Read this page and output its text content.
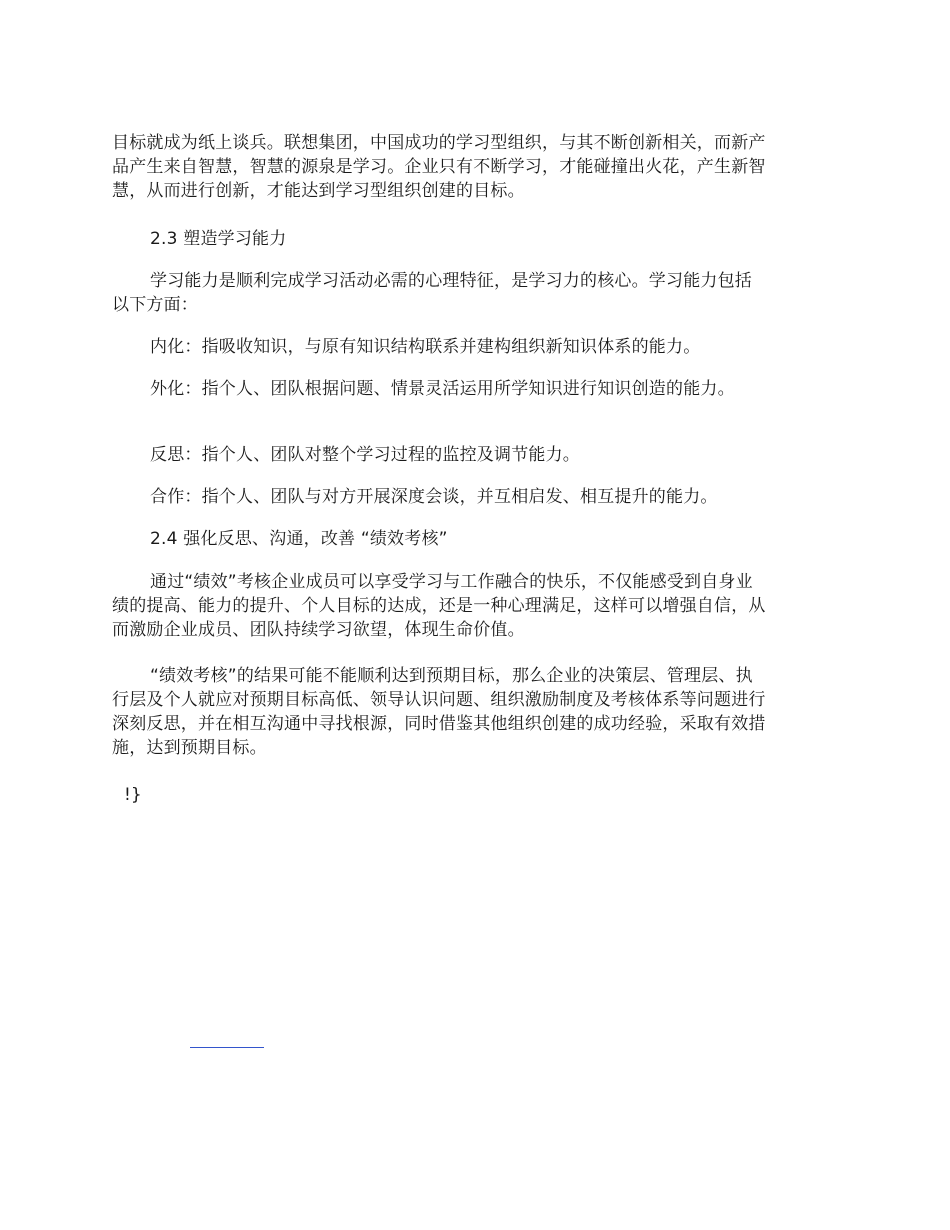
目标就成为纸上谈兵。联想集团，中国成功的学习型组织，与其不断创新相关，而新产品产生来自智慧，智慧的源泉是学习。企业只有不断学习，才能碰撞出火花，产生新智慧，从而进行创新，才能达到学习型组织创建的目标。

2.3 塑造学习能力

学习能力是顺利完成学习活动必需的心理特征，是学习力的核心。学习能力包括以下方面：

内化：指吸收知识，与原有知识结构联系并建构组织新知识体系的能力。

外化：指个人、团队根据问题、情景灵活运用所学知识进行知识创造的能力。

反思：指个人、团队对整个学习过程的监控及调节能力。

合作：指个人、团队与对方开展深度会谈，并互相启发、相互提升的能力。

2.4 强化反思、沟通，改善 “绩效考核”

通过“绩效”考核企业成员可以享受学习与工作融合的快乐，不仅能感受到自身业绩的提高、能力的提升、个人目标的达成，还是一种心理满足，这样可以增强自信，从而激励企业成员、团队持续学习欲望，体现生命价值。

“绩效考核”的结果可能不能顺利达到预期目标，那么企业的决策层、管理层、执行层及个人就应对预期目标高低、领导认识问题、组织激励制度及考核体系等问题进行深刻反思，并在相互沟通中寻找根源，同时借鉴其他组织创建的成功经验，采取有效措施，达到预期目标。

!}
